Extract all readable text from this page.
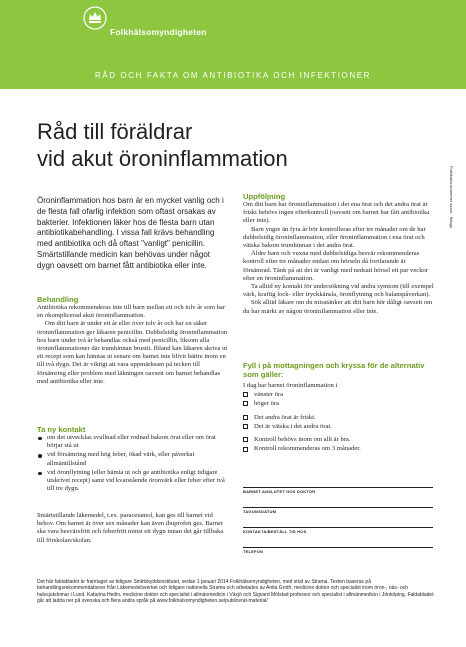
Folkhälsomyndigheten
RÅD OCH FAKTA OM ANTIBIOTIKA OCH INFEKTIONER
Råd till föräldrar
vid akut öroninflammation
Publikationsnummer xxxxx · Bilaga
Öroninflammation hos barn är en mycket vanlig och i de flesta fall ofarlig infektion som oftast orsakas av bakterier. Infektionen läker hos de flesta barn utan antibiotikabehandling. I vissa fall krävs behandling med antibiotika och då oftast "vanligt" penicillin. Smärtstillande medicin kan behövas under något dygn oavsett om barnet fått antibiotika eller inte.

Behandling

Antibiotika rekommenderas inte till barn mellan ett och tolv år som har en okomplicerad akut öroninflammation.

Om ditt barn är under ett år eller över tolv år och har en säker öroninflammation ger läkaren penicillin. Dubbelsidig öroninflammation hos barn under två år behandlas också med penicillin, liksom alla öroninflammationer där trumhinnan brustit. Ibland kan läkaren skriva ut ett recept som kan hämtas ut senare om barnet inte blivit bättre inom en till två dygn. Det är viktigt att vara uppmärksam på tecken till försämring eller problem med läkningen oavsett om barnet behandlas med antibiotika eller inte.

Ta ny kontakt

om det utvecklas svullnad eller rodnad bakom örat eller om örat börjar stå ut
vid försämring med hög feber, ökad värk, eller påverkat allmäntillstånd
vid öronflytning (eller hämta ut och ge antibiotika enligt tidigare utskrivet recept) samt vid kvarstående öronvärk eller feber efter två till tre dygn.
Smärtstillande läkemedel, t.ex. paracetamol, kan ges till barnet vid behov. Om barnet är över sex månader kan även ibuprofen ges. Barnet ska vara besvärsfritt och feberfritt minst ett dygn innan det går tillbaka till förskolan/skolan.

Uppföljning

Om ditt barn har öroninflammation i det ena örat och det andra örat är friskt behövs ingen efterkontroll (oavsett om barnet har fått antibiotika eller inte).

Barn yngre än fyra år bör kontrolleras efter tre månader om de har dubbelsidig öroninflammation, eller öroninflammation i ena örat och vätska bakom trumhinnan i det andra örat.

Äldre barn och vuxna med dubbelsidiga besvär rekommenderas kontroll efter tre månader endast om hörseln då fortfarande är försämrad. Tänk på att det är vanligt med nedsatt hörsel ett par veckor efter en öroninflammation.

Ta alltid ny kontakt för undersökning vid andra symtom (till exempel värk, kraftig lock- eller tryckkänsla, öronflytning och balanspåverkan).

Sök alltid läkare om du misstänker att ditt barn hör dåligt oavsett om du har märkt av någon öroninflammation eller inte.

Fyll i på mottagningen och kryssa för de alternativ som gäller:

I dag har barnet öroninflammation i
vänster öra
höger öra
Det andra örat är friskt.
Det är vätska i det andra örat.
Kontroll behövs inom om allt är bra.
Kontroll rekommenderas om 3 månader.
BARNET ANSLUTET HOS DOKTOR
TAGONSDATUM
KONTAKTA/BESTÄLL TID HOS
TELEFON
Det här faktabladet är framtaget av tidigare Smittskyddsinstitutet, sedan 1 januari 2014 Folkhälsomyndigheten, med stöd av Strama. Texten baseras på behandlingsrekommendationer från Läkemedelsverket och tidigare nationella Strama och arbetades av Anita Groth, medicine doktor och specialist inom öron-, näs- och halssjukdomar i Lund, Katarina Hedin, medicine doktor och specialist i allmänmedicin i Växjö och Sigvard Mölstad professor och specialist i allmänmedicin i Jönköping. Faktabladet går att ladda ner på svenska och flera andra språk på www.folkhalsomyndigheten.se/publicerat-material/
